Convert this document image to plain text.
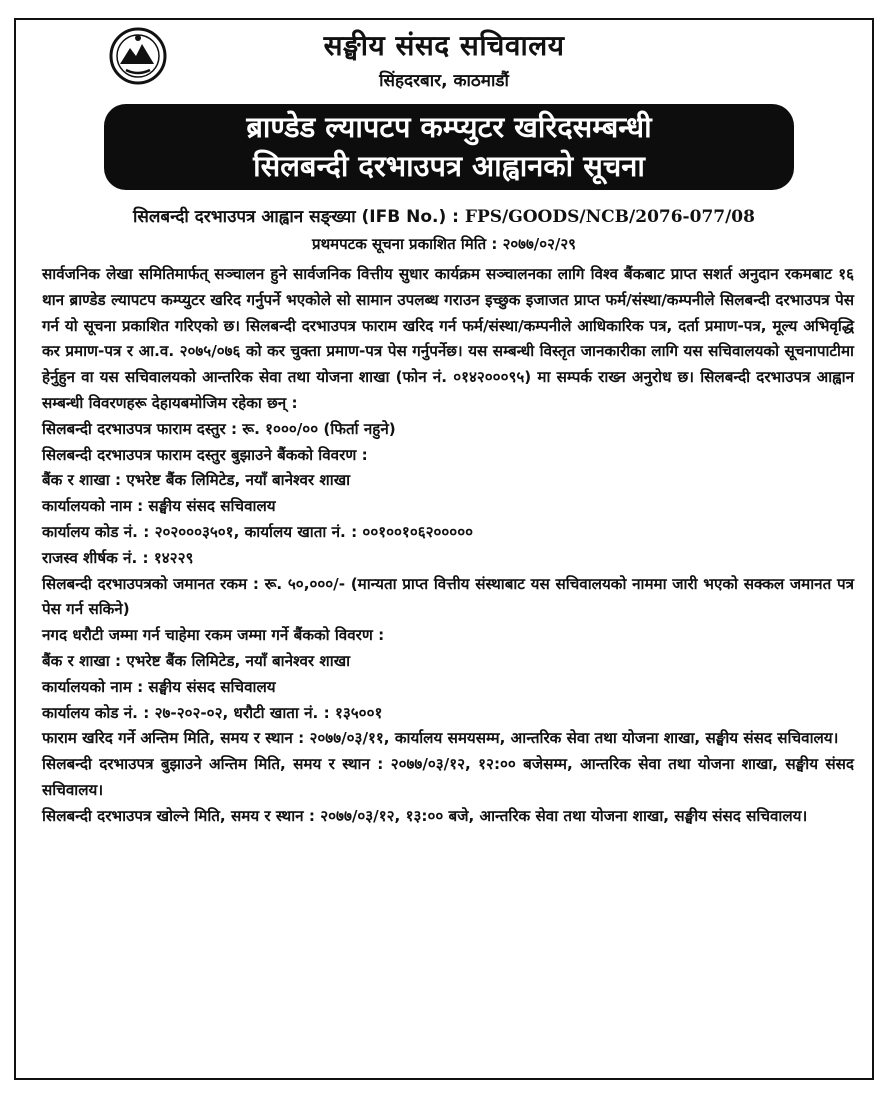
सङ्घीय संसद सचिवालय
सिंहदरबार, काठमाडौं
ब्राण्डेड ल्यापटप कम्प्युटर खरिदसम्बन्धी
सिलबन्दी दरभाउपत्र आह्वानको सूचना
सिलबन्दी दरभाउपत्र आह्वान सङ्ख्या (IFB No.) : FPS/GOODS/NCB/2076-077/08
प्रथमपटक सूचना प्रकाशित मिति : २०७७/०२/२९

सार्वजनिक लेखा समितिमार्फत् सञ्चालन हुने सार्वजनिक वित्तीय सुधार कार्यक्रम सञ्चालनका लागि विश्व बैंकबाट प्राप्त सशर्त अनुदान रकमबाट १६ थान ब्राण्डेड ल्यापटप कम्प्युटर खरिद गर्नुपर्ने भएकोले सो सामान उपलब्ध गराउन इच्छुक इजाजत प्राप्त फर्म/संस्था/कम्पनीले सिलबन्दी दरभाउपत्र पेस गर्न यो सूचना प्रकाशित गरिएको छ। सिलबन्दी दरभाउपत्र फाराम खरिद गर्न फर्म/संस्था/कम्पनीले आधिकारिक पत्र, दर्ता प्रमाण-पत्र, मूल्य अभिवृद्धि कर प्रमाण-पत्र र आ.व. २०७५/०७६ को कर चुक्ता प्रमाण-पत्र पेस गर्नुपर्नेछ। यस सम्बन्धी विस्तृत जानकारीका लागि यस सचिवालयको सूचनापाटीमा हेर्नुहुन वा यस सचिवालयको आन्तरिक सेवा तथा योजना शाखा (फोन नं. ०१४२०००९५) मा सम्पर्क राख्न अनुरोध छ। सिलबन्दी दरभाउपत्र आह्वान सम्बन्धी विवरणहरू देहायबमोजिम रहेका छन् :

सिलबन्दी दरभाउपत्र फाराम दस्तुर : रू. १०००/०० (फिर्ता नहुने)

सिलबन्दी दरभाउपत्र फाराम दस्तुर बुझाउने बैंकको विवरण :

बैंक र शाखा : एभरेष्ट बैंक लिमिटेड, नयाँ बानेश्वर शाखा

कार्यालयको नाम : सङ्घीय संसद सचिवालय

कार्यालय कोड नं. : २०२०००३५०१, कार्यालय खाता नं. : ००१००१०६२०००००

राजस्व शीर्षक नं. : १४२२९

सिलबन्दी दरभाउपत्रको जमानत रकम : रू. ५०,०००/- (मान्यता प्राप्त वित्तीय संस्थाबाट यस सचिवालयको नाममा जारी भएको सक्कल जमानत पत्र पेस गर्न सकिने)

नगद धरौटी जम्मा गर्न चाहेमा रकम जम्मा गर्ने बैंकको विवरण :

बैंक र शाखा : एभरेष्ट बैंक लिमिटेड, नयाँ बानेश्वर शाखा

कार्यालयको नाम : सङ्घीय संसद सचिवालय

कार्यालय कोड नं. : २७-२०२-०२, धरौटी खाता नं. : १३५००१

फाराम खरिद गर्ने अन्तिम मिति, समय र स्थान : २०७७/०३/११, कार्यालय समयसम्म, आन्तरिक सेवा तथा योजना शाखा, सङ्घीय संसद सचिवालय।

सिलबन्दी दरभाउपत्र बुझाउने अन्तिम मिति, समय र स्थान : २०७७/०३/१२, १२:०० बजेसम्म, आन्तरिक सेवा तथा योजना शाखा, सङ्घीय संसद सचिवालय।

सिलबन्दी दरभाउपत्र खोल्ने मिति, समय र स्थान : २०७७/०३/१२, १३:०० बजे, आन्तरिक सेवा तथा योजना शाखा, सङ्घीय संसद सचिवालय।
